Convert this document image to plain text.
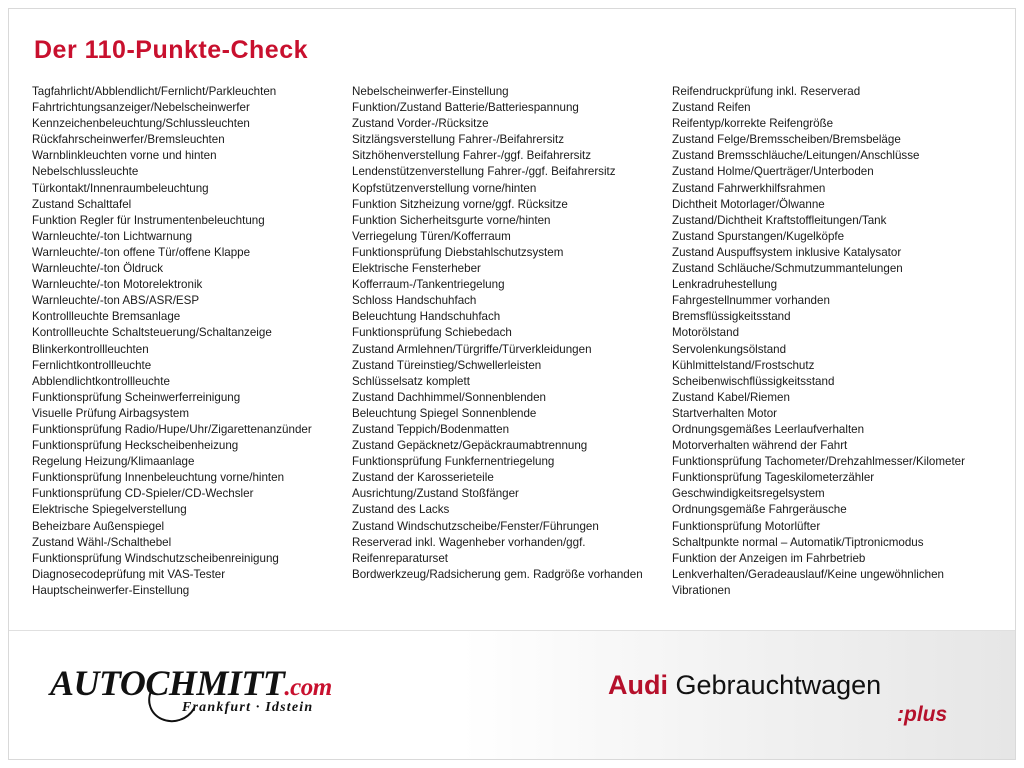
Der 110-Punkte-Check
Tagfahrlicht/Abblendlicht/Fernlicht/Parkleuchten
Fahrtrichtungsanzeiger/Nebelscheinwerfer
Kennzeichenbeleuchtung/Schlussleuchten
Rückfahrscheinwerfer/Bremsleuchten
Warnblinkleuchten vorne und hinten
Nebelschlussleuchte
Türkontakt/Innenraumbeleuchtung
Zustand Schalttafel
Funktion Regler für Instrumentenbeleuchtung
Warnleuchte/-ton Lichtwarnung
Warnleuchte/-ton offene Tür/offene Klappe
Warnleuchte/-ton Öldruck
Warnleuchte/-ton Motorelektronik
Warnleuchte/-ton ABS/ASR/ESP
Kontrollleuchte Bremsanlage
Kontrollleuchte Schaltsteuerung/Schaltanzeige
Blinkerkontrollleuchten
Fernlichtkontrollleuchte
Abblendlichtkontrollleuchte
Funktionsprüfung Scheinwerferreinigung
Visuelle Prüfung Airbagsystem
Funktionsprüfung Radio/Hupe/Uhr/Zigarettenanzünder
Funktionsprüfung Heckscheibenheizung
Regelung Heizung/Klimaanlage
Funktionsprüfung Innenbeleuchtung vorne/hinten
Funktionsprüfung CD-Spieler/CD-Wechsler
Elektrische Spiegelverstellung
Beheizbare Außenspiegel
Zustand Wähl-/Schalthebel
Funktionsprüfung Windschutzscheibenreinigung
Diagnosecodeprüfung mit VAS-Tester
Hauptscheinwerfer-Einstellung
Nebelscheinwerfer-Einstellung
Funktion/Zustand Batterie/Batteriespannung
Zustand Vorder-/Rücksitze
Sitzlängsverstellung Fahrer-/Beifahrersitz
Sitzhöhenverstellung Fahrer-/ggf. Beifahrersitz
Lendenstützenverstellung Fahrer-/ggf. Beifahrersitz
Kopfstützenverstellung vorne/hinten
Funktion Sitzheizung vorne/ggf. Rücksitze
Funktion Sicherheitsgurte vorne/hinten
Verriegelung Türen/Kofferraum
Funktionsprüfung Diebstahlschutzsystem
Elektrische Fensterheber
Kofferraum-/Tankentriegelung
Schloss Handschuhfach
Beleuchtung Handschuhfach
Funktionsprüfung Schiebedach
Zustand Armlehnen/Türgriffe/Türverkleidungen
Zustand Türeinstieg/Schwellerleisten
Schlüsselsatz komplett
Zustand Dachhimmel/Sonnenblenden
Beleuchtung Spiegel Sonnenblende
Zustand Teppich/Bodenmatten
Zustand Gepäcknetz/Gepäckraumabtrennung
Funktionsprüfung Funkfernentriegelung
Zustand der Karosserieteile
Ausrichtung/Zustand Stoßfänger
Zustand des Lacks
Zustand Windschutzscheibe/Fenster/Führungen
Reserverad inkl. Wagenheber vorhanden/ggf. Reifenreparaturset
Bordwerkzeug/Radsicherung gem. Radgröße vorhanden
Reifendruckprüfung inkl. Reserverad
Zustand Reifen
Reifentyp/korrekte Reifengröße
Zustand Felge/Bremsscheiben/Bremsbeläge
Zustand Bremsschläuche/Leitungen/Anschlüsse
Zustand Holme/Querträger/Unterboden
Zustand Fahrwerkhilfsrahmen
Dichtheit Motorlager/Ölwanne
Zustand/Dichtheit Kraftstoffleitungen/Tank
Zustand Spurstangen/Kugelköpfe
Zustand Auspuffsystem inklusive Katalysator
Zustand Schläuche/Schmutzummantelungen
Lenkradruhestellung
Fahrgestellnummer vorhanden
Bremsflüssigkeitsstand
Motorölstand
Servolenkungsölstand
Kühlmittelstand/Frostschutz
Scheibenwischflüssigkeitsstand
Zustand Kabel/Riemen
Startverhalten Motor
Ordnungsgemäßes Leerlaufverhalten
Motorverhalten während der Fahrt
Funktionsprüfung Tachometer/Drehzahlmesser/Kilometer
Funktionsprüfung Tageskilometerzähler
Geschwindigkeitsregelsystem
Ordnungsgemäße Fahrgeräusche
Funktionsprüfung Motorlüfter
Schaltpunkte normal – Automatik/Tiptronicmodus
Funktion der Anzeigen im Fahrbetrieb
Lenkverhalten/Geradeauslauf/Keine ungewöhnlichen Vibrationen
AUTOCHMITT.com
Frankfurt · Idstein
Audi Gebrauchtwagen
:plus
